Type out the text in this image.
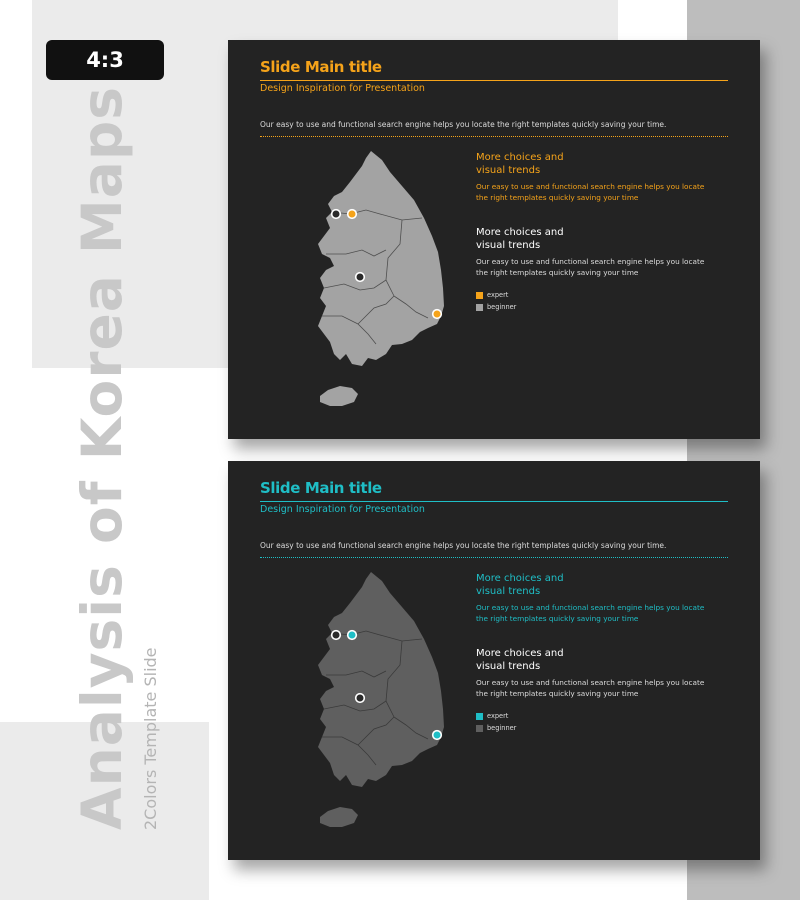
4:3
Analysis of Korea Maps 2Colors Template Slide
Slide Main title
Design Inspiration for Presentation
Our easy to use and functional search engine helps you locate the right templates quickly saving your time.

More choices and
visual trends

Our easy to use and functional search engine helps you locate the right templates quickly saving your time

More choices and
visual trends

Our easy to use and functional search engine helps you locate the right templates quickly saving your time
expert
beginner
Slide Main title
Design Inspiration for Presentation
Our easy to use and functional search engine helps you locate the right templates quickly saving your time.

More choices and
visual trends

Our easy to use and functional search engine helps you locate the right templates quickly saving your time

More choices and
visual trends

Our easy to use and functional search engine helps you locate the right templates quickly saving your time
expert
beginner
